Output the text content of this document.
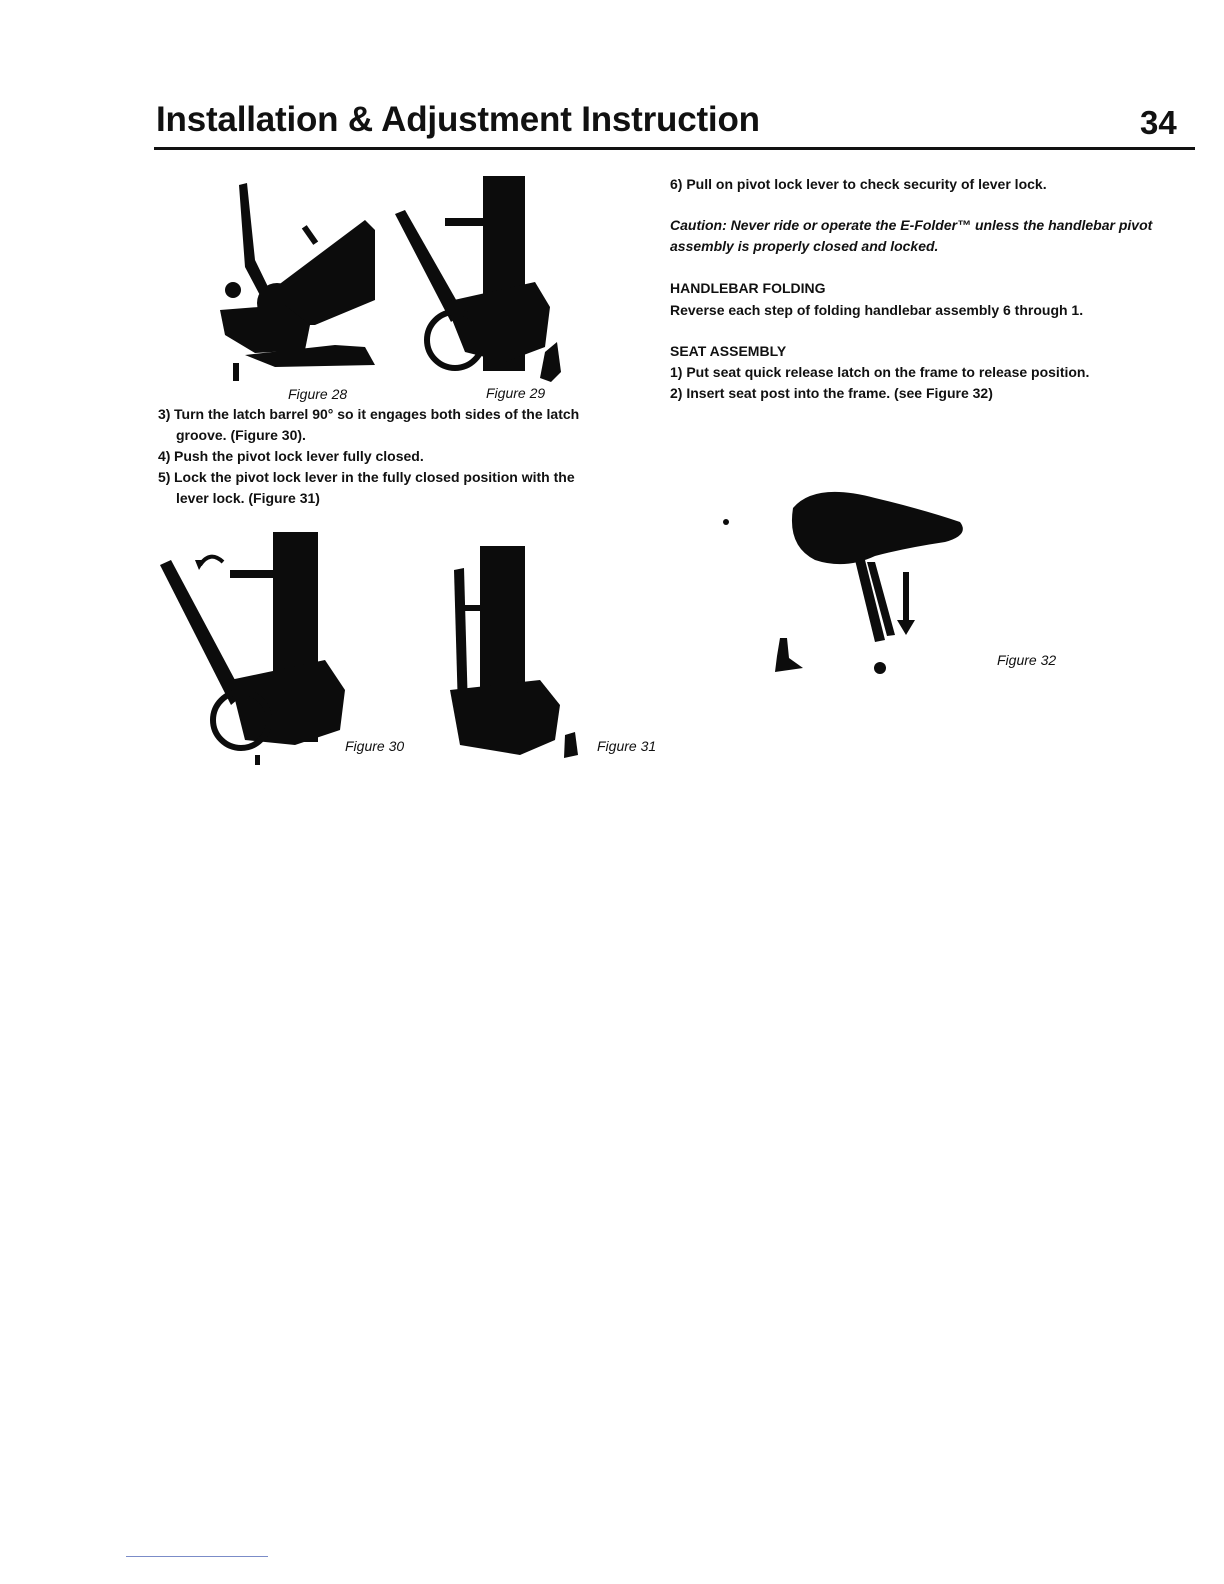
Installation & Adjustment Instruction	34
Figure 28	Figure 29
3) Turn the latch barrel 90° so it engages both sides of the latch
groove. (Figure 30).
4) Push the pivot lock lever fully closed.
5) Lock the pivot lock lever in the fully closed position with the
lever lock. (Figure 31)
Figure 30	Figure 31
6) Pull on pivot lock lever to check security of lever lock.
Caution: Never ride or operate the E-Folder™ unless the handlebar pivot
assembly is properly closed and locked.
HANDLEBAR FOLDING
Reverse each step of folding handlebar assembly 6 through 1.
SEAT ASSEMBLY
1) Put seat quick release latch on the frame to release position.
2) Insert seat post into the frame. (see Figure 32)
Figure 32
